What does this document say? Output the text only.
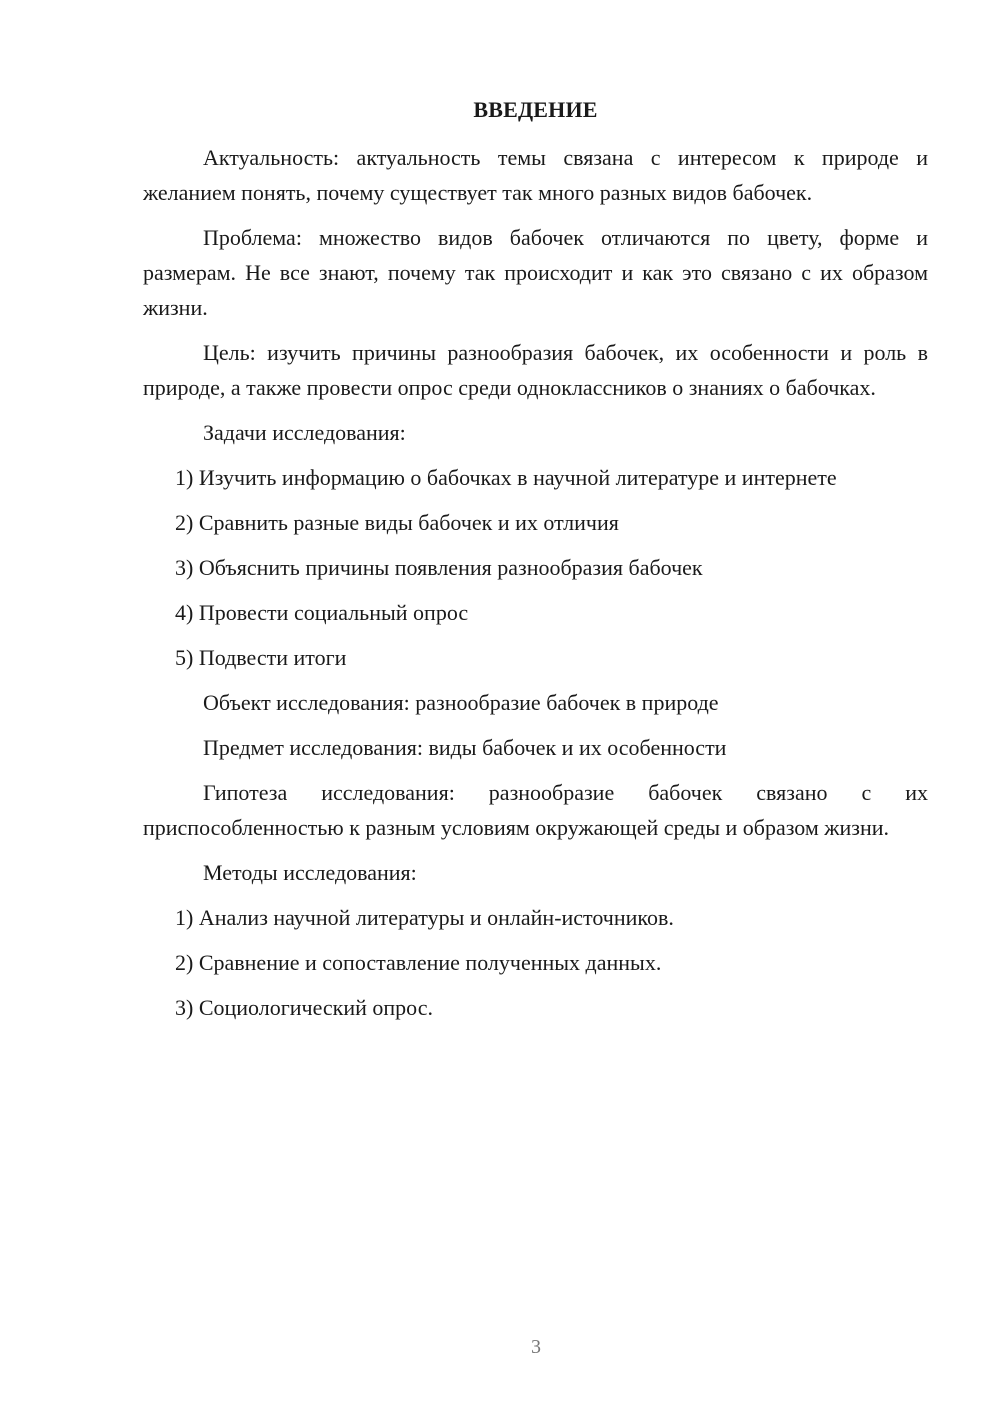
ВВЕДЕНИЕ

Актуальность: актуальность темы связана с интересом к природе и желанием понять, почему существует так много разных видов бабочек.

Проблема: множество видов бабочек отличаются по цвету, форме и размерам. Не все знают, почему так происходит и как это связано с их образом жизни.

Цель: изучить причины разнообразия бабочек, их особенности и роль в природе, а также провести опрос среди одноклассников о знаниях о бабочках.

Задачи исследования:
1) Изучить информацию о бабочках в научной литературе и интернете
2) Сравнить разные виды бабочек и их отличия
3) Объяснить причины появления разнообразия бабочек
4) Провести социальный опрос
5) Подвести итоги
Объект исследования: разнообразие бабочек в природе
Предмет исследования: виды бабочек и их особенности

Гипотеза исследования: разнообразие бабочек связано с их приспособленностью к разным условиям окружающей среды и образом жизни.

Методы исследования:
1) Анализ научной литературы и онлайн-источников.
2) Сравнение и сопоставление полученных данных.
3) Социологический опрос.
3
